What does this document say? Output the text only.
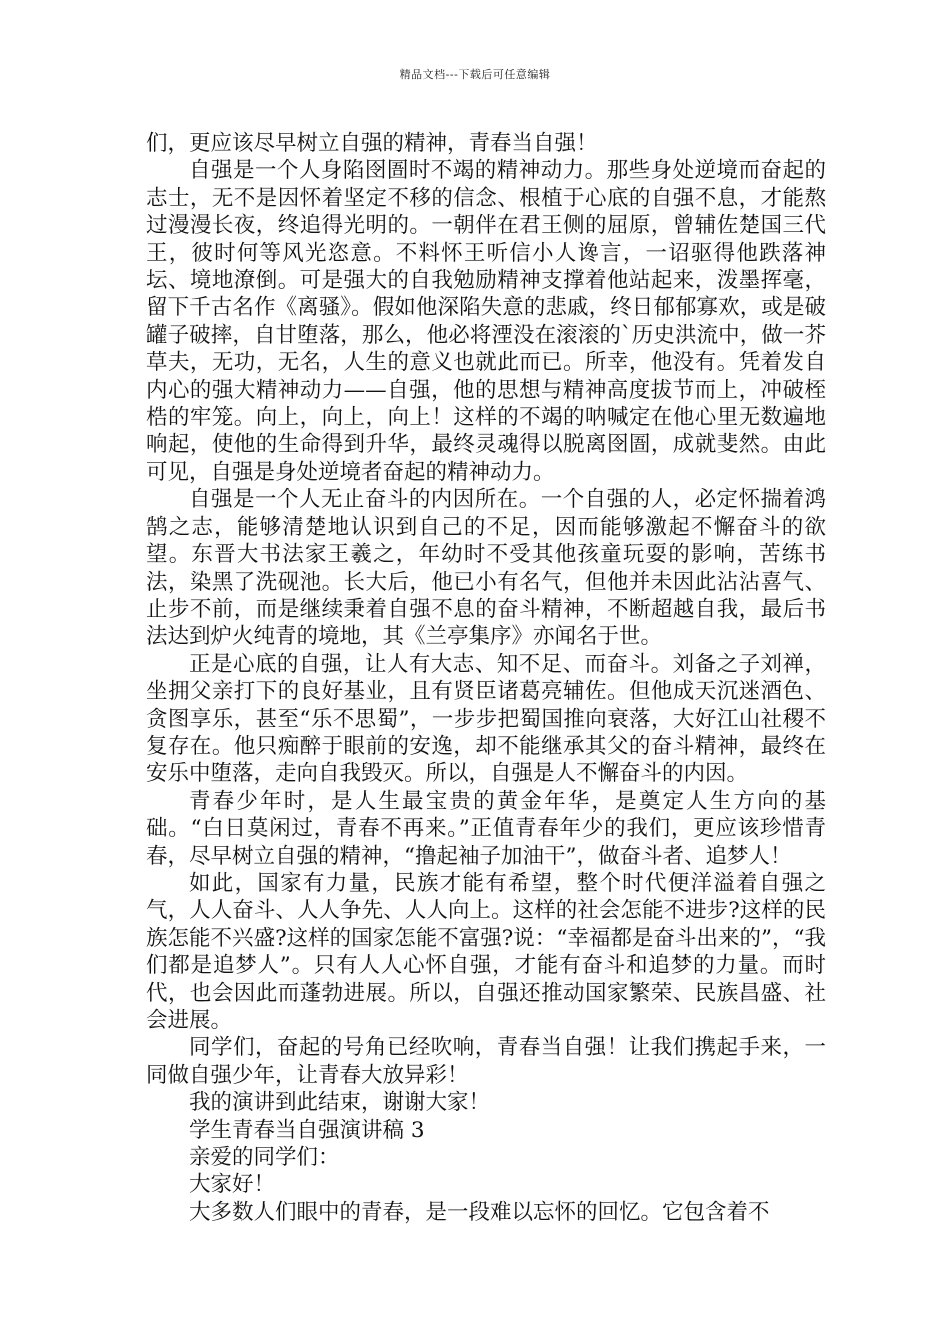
精品文档---下载后可任意编辑

们，更应该尽早树立自强的精神，青春当自强！

自强是一个人身陷囹圄时不竭的精神动力。那些身处逆境而奋起的志士，无不是因怀着坚定不移的信念、根植于心底的自强不息，才能熬过漫漫长夜，终追得光明的。一朝伴在君王侧的屈原，曾辅佐楚国三代王，彼时何等风光恣意。不料怀王听信小人谗言，一诏驱得他跌落神坛、境地潦倒。可是强大的自我勉励精神支撑着他站起来，泼墨挥毫，留下千古名作《离骚》。假如他深陷失意的悲戚，终日郁郁寡欢，或是破罐子破摔，自甘堕落，那么，他必将湮没在滚滚的`历史洪流中，做一芥草夫，无功，无名，人生的意义也就此而已。所幸，他没有。凭着发自内心的强大精神动力——自强，他的思想与精神高度拔节而上，冲破桎梏的牢笼。向上，向上，向上！这样的不竭的呐喊定在他心里无数遍地响起，使他的生命得到升华，最终灵魂得以脱离囹圄，成就斐然。由此可见，自强是身处逆境者奋起的精神动力。

自强是一个人无止奋斗的内因所在。一个自强的人，必定怀揣着鸿鹄之志，能够清楚地认识到自己的不足，因而能够激起不懈奋斗的欲望。东晋大书法家王羲之，年幼时不受其他孩童玩耍的影响，苦练书法，染黑了洗砚池。长大后，他已小有名气，但他并未因此沾沾喜气、止步不前，而是继续秉着自强不息的奋斗精神，不断超越自我，最后书法达到炉火纯青的境地，其《兰亭集序》亦闻名于世。

正是心底的自强，让人有大志、知不足、而奋斗。刘备之子刘禅，坐拥父亲打下的良好基业，且有贤臣诸葛亮辅佐。但他成天沉迷酒色、贪图享乐，甚至“乐不思蜀”，一步步把蜀国推向衰落，大好江山社稷不复存在。他只痴醉于眼前的安逸，却不能继承其父的奋斗精神，最终在安乐中堕落，走向自我毁灭。所以，自强是人不懈奋斗的内因。

青春少年时，是人生最宝贵的黄金年华，是奠定人生方向的基础。“白日莫闲过，青春不再来。”正值青春年少的我们，更应该珍惜青春，尽早树立自强的精神，“撸起袖子加油干”，做奋斗者、追梦人！

如此，国家有力量，民族才能有希望，整个时代便洋溢着自强之气，人人奋斗、人人争先、人人向上。这样的社会怎能不进步?这样的民族怎能不兴盛?这样的国家怎能不富强?说：“幸福都是奋斗出来的”，“我们都是追梦人”。只有人人心怀自强，才能有奋斗和追梦的力量。而时代，也会因此而蓬勃进展。所以，自强还推动国家繁荣、民族昌盛、社会进展。

同学们，奋起的号角已经吹响，青春当自强！让我们携起手来，一同做自强少年，让青春大放异彩！

我的演讲到此结束，谢谢大家！

学生青春当自强演讲稿 3

亲爱的同学们：

大家好！

大多数人们眼中的青春，是一段难以忘怀的回忆。它包含着不
